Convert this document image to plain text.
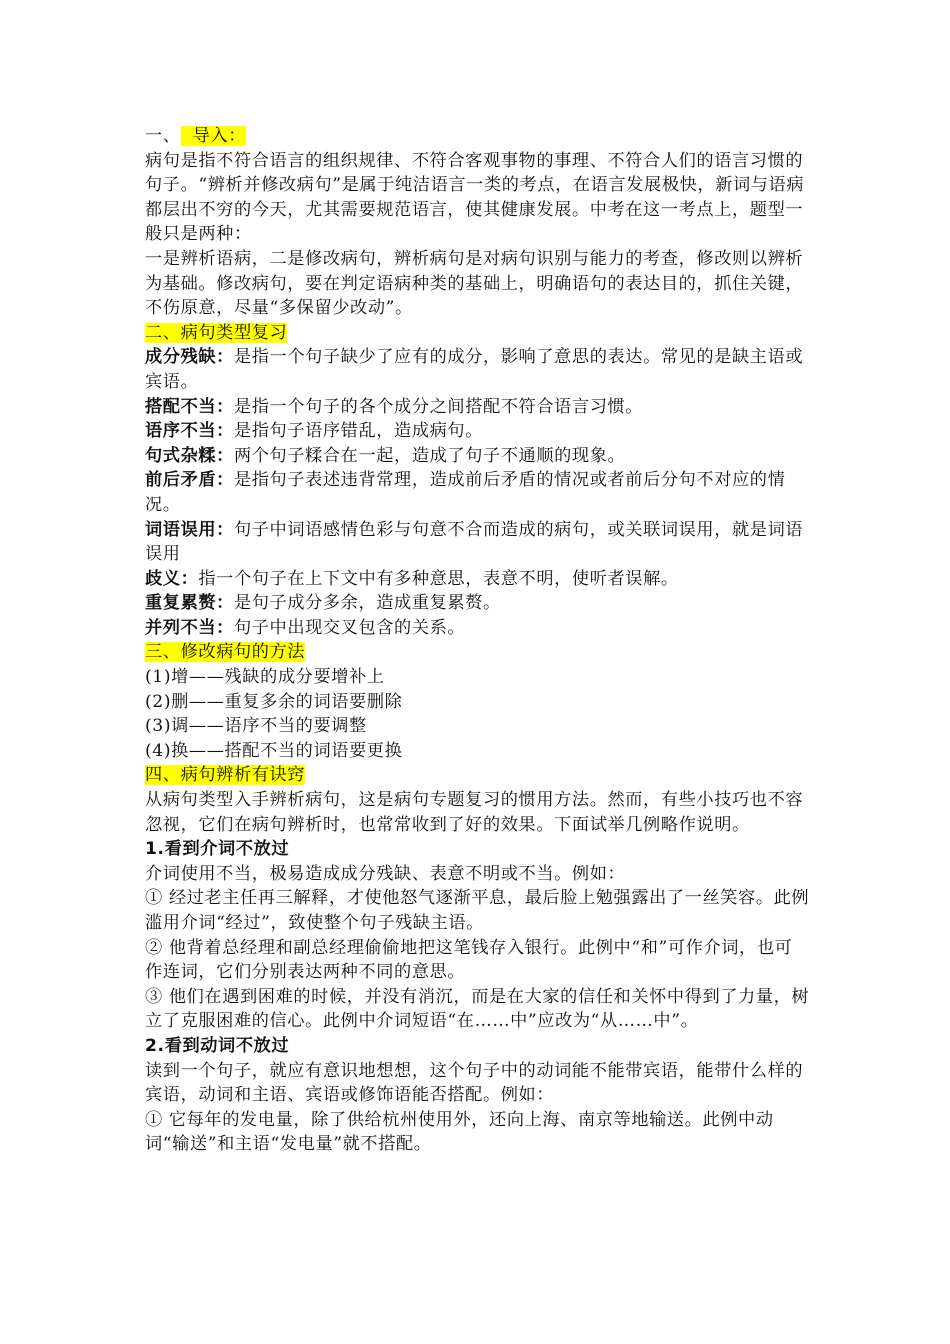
一、  导入：

病句是指不符合语言的组织规律、不符合客观事物的事理、不符合人们的语言习惯的句子。“辨析并修改病句”是属于纯洁语言一类的考点，在语言发展极快，新词与语病都层出不穷的今天，尤其需要规范语言，使其健康发展。中考在这一考点上，题型一般只是两种：

一是辨析语病，二是修改病句，辨析病句是对病句识别与能力的考查，修改则以辨析为基础。修改病句，要在判定语病种类的基础上，明确语句的表达目的，抓住关键，不伤原意，尽量“多保留少改动”。

二、病句类型复习

成分残缺：是指一个句子缺少了应有的成分，影响了意思的表达。常见的是缺主语或宾语。

搭配不当：是指一个句子的各个成分之间搭配不符合语言习惯。

语序不当：是指句子语序错乱，造成病句。

句式杂糅：两个句子糅合在一起，造成了句子不通顺的现象。

前后矛盾：是指句子表述违背常理，造成前后矛盾的情况或者前后分句不对应的情况。

词语误用：句子中词语感情色彩与句意不合而造成的病句，或关联词误用，就是词语误用

歧义：指一个句子在上下文中有多种意思，表意不明，使听者误解。

重复累赘：是句子成分多余，造成重复累赘。

并列不当：句子中出现交叉包含的关系。

三、修改病句的方法

(1)增——残缺的成分要增补上

(2)删——重复多余的词语要删除

(3)调——语序不当的要调整

(4)换——搭配不当的词语要更换

四、病句辨析有诀窍

从病句类型入手辨析病句，这是病句专题复习的惯用方法。然而，有些小技巧也不容忽视，它们在病句辨析时，也常常收到了好的效果。下面试举几例略作说明。

1.看到介词不放过

介词使用不当，极易造成成分残缺、表意不明或不当。例如：

① 经过老主任再三解释，才使他怒气逐渐平息，最后脸上勉强露出了一丝笑容。此例滥用介词“经过”，致使整个句子残缺主语。

② 他背着总经理和副总经理偷偷地把这笔钱存入银行。此例中“和”可作介词，也可作连词，它们分别表达两种不同的意思。

③ 他们在遇到困难的时候，并没有消沉，而是在大家的信任和关怀中得到了力量，树立了克服困难的信心。此例中介词短语“在……中”应改为“从……中”。

2.看到动词不放过

读到一个句子，就应有意识地想想，这个句子中的动词能不能带宾语，能带什么样的宾语，动词和主语、宾语或修饰语能否搭配。例如：

① 它每年的发电量，除了供给杭州使用外，还向上海、南京等地输送。此例中动词“输送”和主语“发电量”就不搭配。
